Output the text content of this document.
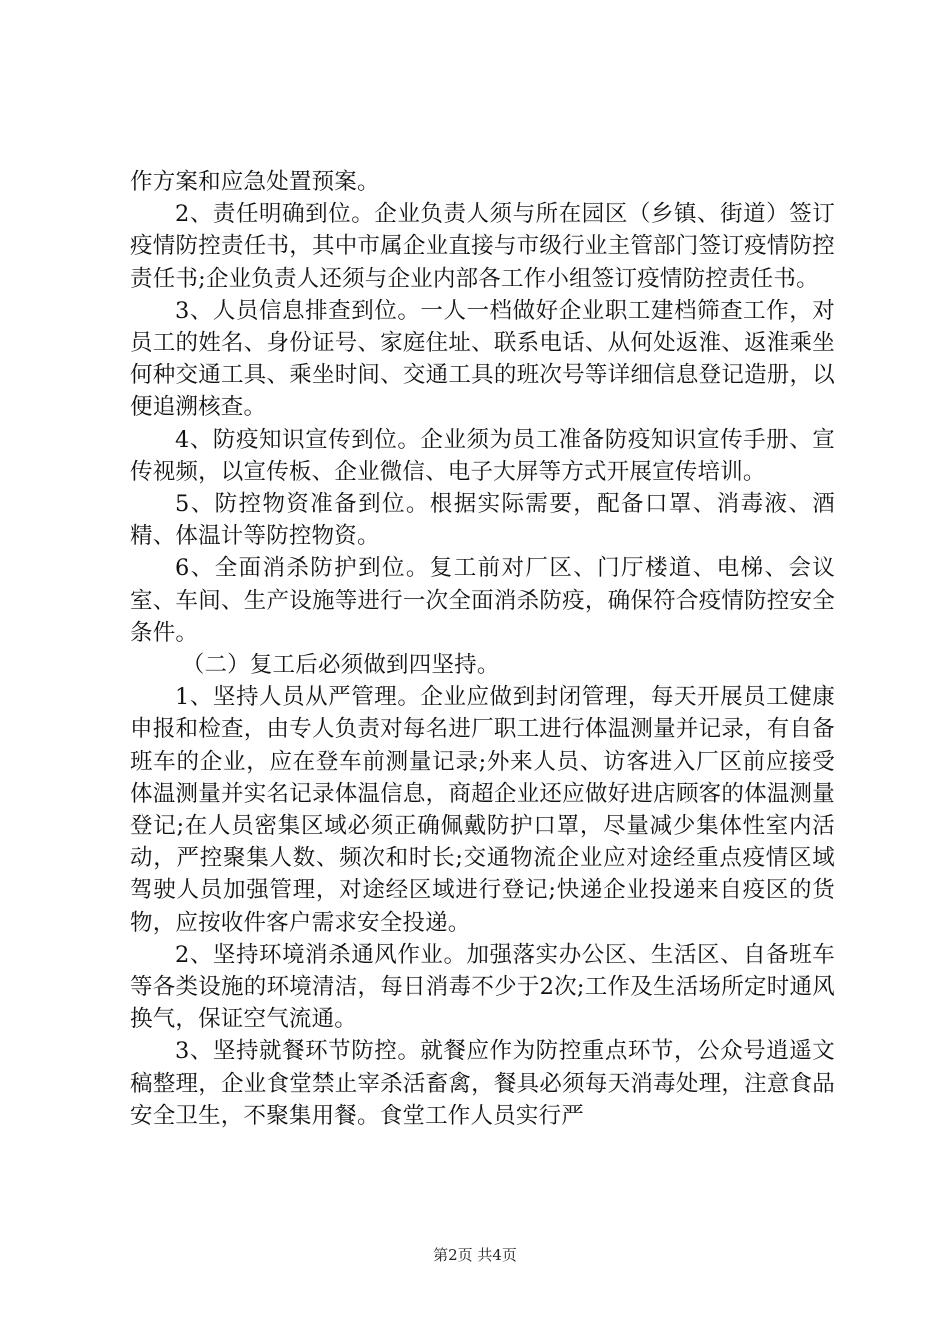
作方案和应急处置预案。

2、责任明确到位。企业负责人须与所在园区（乡镇、街道）签订疫情防控责任书，其中市属企业直接与市级行业主管部门签订疫情防控责任书;企业负责人还须与企业内部各工作小组签订疫情防控责任书。

3、人员信息排查到位。一人一档做好企业职工建档筛查工作，对员工的姓名、身份证号、家庭住址、联系电话、从何处返淮、返淮乘坐何种交通工具、乘坐时间、交通工具的班次号等详细信息登记造册，以便追溯核查。

4、防疫知识宣传到位。企业须为员工准备防疫知识宣传手册、宣传视频，以宣传板、企业微信、电子大屏等方式开展宣传培训。

5、防控物资准备到位。根据实际需要，配备口罩、消毒液、酒精、体温计等防控物资。

6、全面消杀防护到位。复工前对厂区、门厅楼道、电梯、会议室、车间、生产设施等进行一次全面消杀防疫，确保符合疫情防控安全条件。

（二）复工后必须做到四坚持。

1、坚持人员从严管理。企业应做到封闭管理，每天开展员工健康申报和检查，由专人负责对每名进厂职工进行体温测量并记录，有自备班车的企业，应在登车前测量记录;外来人员、访客进入厂区前应接受体温测量并实名记录体温信息，商超企业还应做好进店顾客的体温测量登记;在人员密集区域必须正确佩戴防护口罩，尽量减少集体性室内活动，严控聚集人数、频次和时长;交通物流企业应对途经重点疫情区域驾驶人员加强管理，对途经区域进行登记;快递企业投递来自疫区的货物，应按收件客户需求安全投递。

2、坚持环境消杀通风作业。加强落实办公区、生活区、自备班车等各类设施的环境清洁，每日消毒不少于2次;工作及生活场所定时通风换气，保证空气流通。

3、坚持就餐环节防控。就餐应作为防控重点环节，公众号逍遥文稿整理，企业食堂禁止宰杀活畜禽，餐具必须每天消毒处理，注意食品安全卫生，不聚集用餐。食堂工作人员实行严

第2页 共4页
